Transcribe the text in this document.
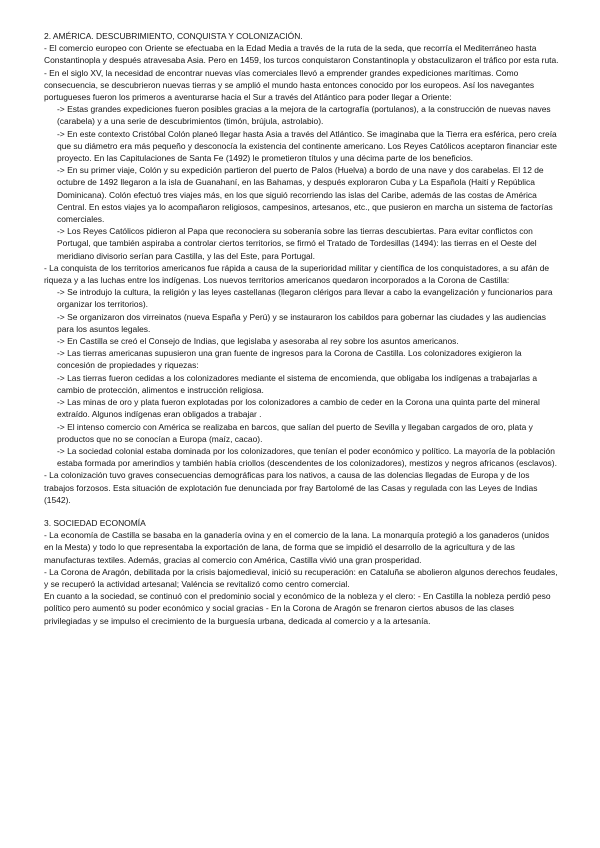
2. AMÉRICA. DESCUBRIMIENTO, CONQUISTA Y COLONIZACIÓN.

- El comercio europeo con Oriente se efectuaba en la Edad Media a través de la ruta de la seda, que recorría el Mediterráneo hasta Constantinopla y después atravesaba Asia. Pero en 1459, los turcos conquistaron Constantinopla y obstaculizaron el tráfico por esta ruta.

- En el siglo XV, la necesidad de encontrar nuevas vías comerciales llevó a emprender grandes expediciones marítimas. Como consecuencia, se descubrieron nuevas tierras y se amplió el mundo hasta entonces conocido por los europeos. Así los navegantes portugueses fueron los primeros a aventurarse hacia el Sur a través del Atlántico para poder llegar a Oriente:

-> Estas grandes expediciones fueron posibles gracias a la mejora de la cartografía (portulanos), a la construcción de nuevas naves (carabela) y a una serie de descubrimientos (timón, brújula, astrolabio).

-> En este contexto Cristóbal Colón planeó llegar hasta Asia a través del Atlántico. Se imaginaba que la Tierra era esférica, pero creía que su diámetro era más pequeño y desconocía la existencia del continente americano. Los Reyes Católicos aceptaron financiar este proyecto. En las Capitulaciones de Santa Fe (1492) le prometieron títulos y una décima parte de los beneficios.

-> En su primer viaje, Colón y su expedición partieron del puerto de Palos (Huelva) a bordo de una nave y dos carabelas. El 12 de octubre de 1492 llegaron a la isla de Guanahaní, en las Bahamas, y después exploraron Cuba y La Española (Haití y República Dominicana). Colón efectuó tres viajes más, en los que siguió recorriendo las islas del Caribe, además de las costas de América Central. En estos viajes ya lo acompañaron religiosos, campesinos, artesanos, etc., que pusieron en marcha un sistema de factorías comerciales.

-> Los Reyes Católicos pidieron al Papa que reconociera su soberanía sobre las tierras descubiertas. Para evitar conflictos con Portugal, que también aspiraba a controlar ciertos territorios, se firmó el Tratado de Tordesillas (1494): las tierras en el Oeste del meridiano divisorio serían para Castilla, y las del Este, para Portugal.

- La conquista de los territorios americanos fue rápida a causa de la superioridad militar y científica de los conquistadores, a su afán de riqueza y a las luchas entre los indígenas. Los nuevos territorios americanos quedaron incorporados a la Corona de Castilla:

-> Se introdujo la cultura, la religión y las leyes castellanas (llegaron clérigos para llevar a cabo la evangelización y funcionarios para organizar los territorios).

-> Se organizaron dos virreinatos (nueva España y Perú) y se instauraron los cabildos para gobernar las ciudades y las audiencias para los asuntos legales.

-> En Castilla se creó el Consejo de Indias, que legislaba y asesoraba al rey sobre los asuntos americanos.

-> Las tierras americanas supusieron una gran fuente de ingresos para la Corona de Castilla. Los colonizadores exigieron la concesión de propiedades y riquezas:

-> Las tierras fueron cedidas a los colonizadores mediante el sistema de encomienda, que obligaba los indígenas a trabajarlas a cambio de protección, alimentos e instrucción religiosa.

-> Las minas de oro y plata fueron explotadas por los colonizadores a cambio de ceder en la Corona una quinta parte del mineral extraído. Algunos indígenas eran obligados a trabajar .

-> El intenso comercio con América se realizaba en barcos, que salían del puerto de Sevilla y llegaban cargados de oro, plata y productos que no se conocían a Europa (maíz, cacao).

-> La sociedad colonial estaba dominada por los colonizadores, que tenían el poder económico y político. La mayoría de la población estaba formada por amerindios y también había criollos (descendentes de los colonizadores), mestizos y negros africanos (esclavos).

- La colonización tuvo graves consecuencias demográficas para los nativos, a causa de las dolencias llegadas de Europa y de los trabajos forzosos. Esta situación de explotación fue denunciada por fray Bartolomé de las Casas y regulada con las Leyes de Indias (1542).

3. SOCIEDAD ECONOMÍA

- La economía de Castilla se basaba en la ganadería ovina y en el comercio de la lana. La monarquía protegió a los ganaderos (unidos en la Mesta) y todo lo que representaba la exportación de lana, de forma que se impidió el desarrollo de la agricultura y de las manufacturas textiles. Además, gracias al comercio con América, Castilla vivió una gran prosperidad.

- La Corona de Aragón, debilitada por la crisis bajomedieval, inició su recuperación: en Cataluña se abolieron algunos derechos feudales, y se recuperó la actividad artesanal; Valéncia se revitalizó como centro comercial.

En cuanto a la sociedad, se continuó con el predominio social y económico de la nobleza y el clero: - En Castilla la nobleza perdió peso político pero aumentó su poder económico y social gracias - En la Corona de Aragón se frenaron ciertos abusos de las clases privilegiadas y se impulso el crecimiento de la burguesía urbana, dedicada al comercio y a la artesanía.
